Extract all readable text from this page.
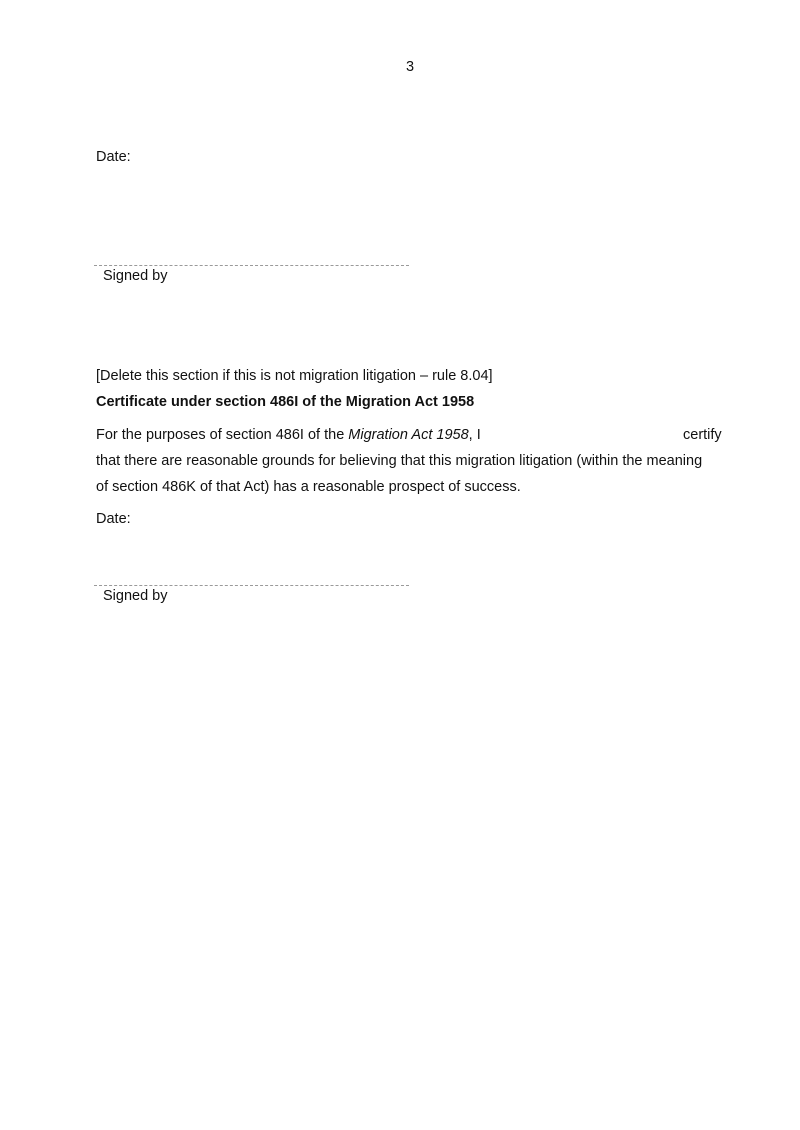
3
Date:
Signed by
[Delete this section if this is not migration litigation – rule 8.04]
Certificate under section 486I of the Migration Act 1958
For the purposes of section 486I of the Migration Act 1958, I	certify
that there are reasonable grounds for believing that this migration litigation (within the meaning
of section 486K of that Act) has a reasonable prospect of success.
Date:
Signed by
